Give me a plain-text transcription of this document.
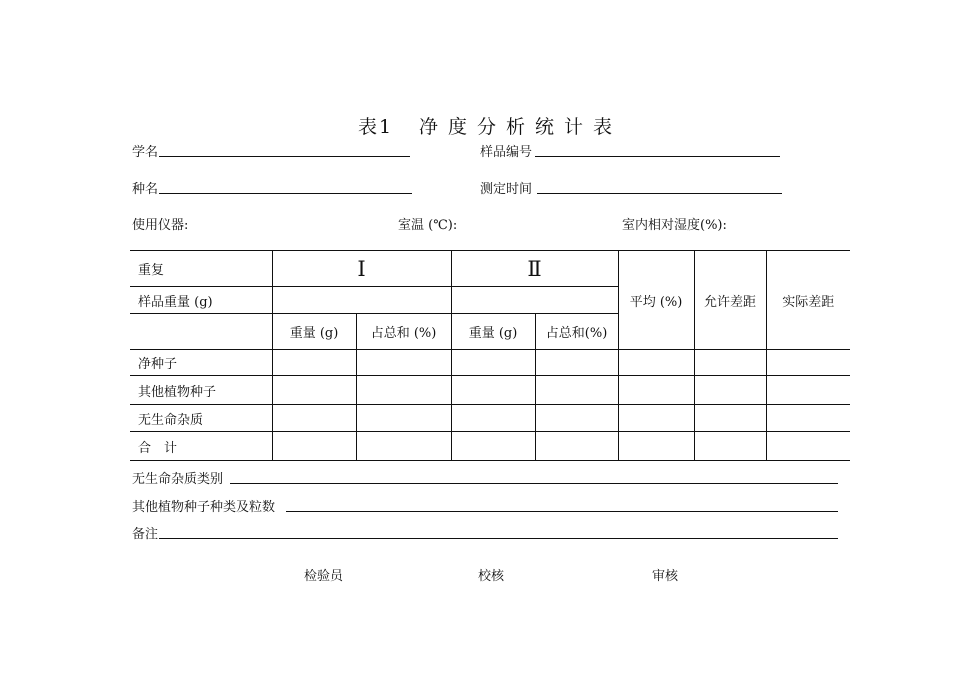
表1 净度分析统计表
学名	样品编号
种名	测定时间
使用仪器:	室温 (℃):	室内相对湿度(%):
重复	Ⅰ		Ⅱ		平均 (%)	允许差距	实际差距
样品重量 (g)							
	重量 (g)	占总和 (%)	重量 (g)	占总和(%)			
净种子							
其他植物种子							
无生命杂质							
合　计							
无生命杂质类别
其他植物种子种类及粒数
备注
检验员	校核	审核
